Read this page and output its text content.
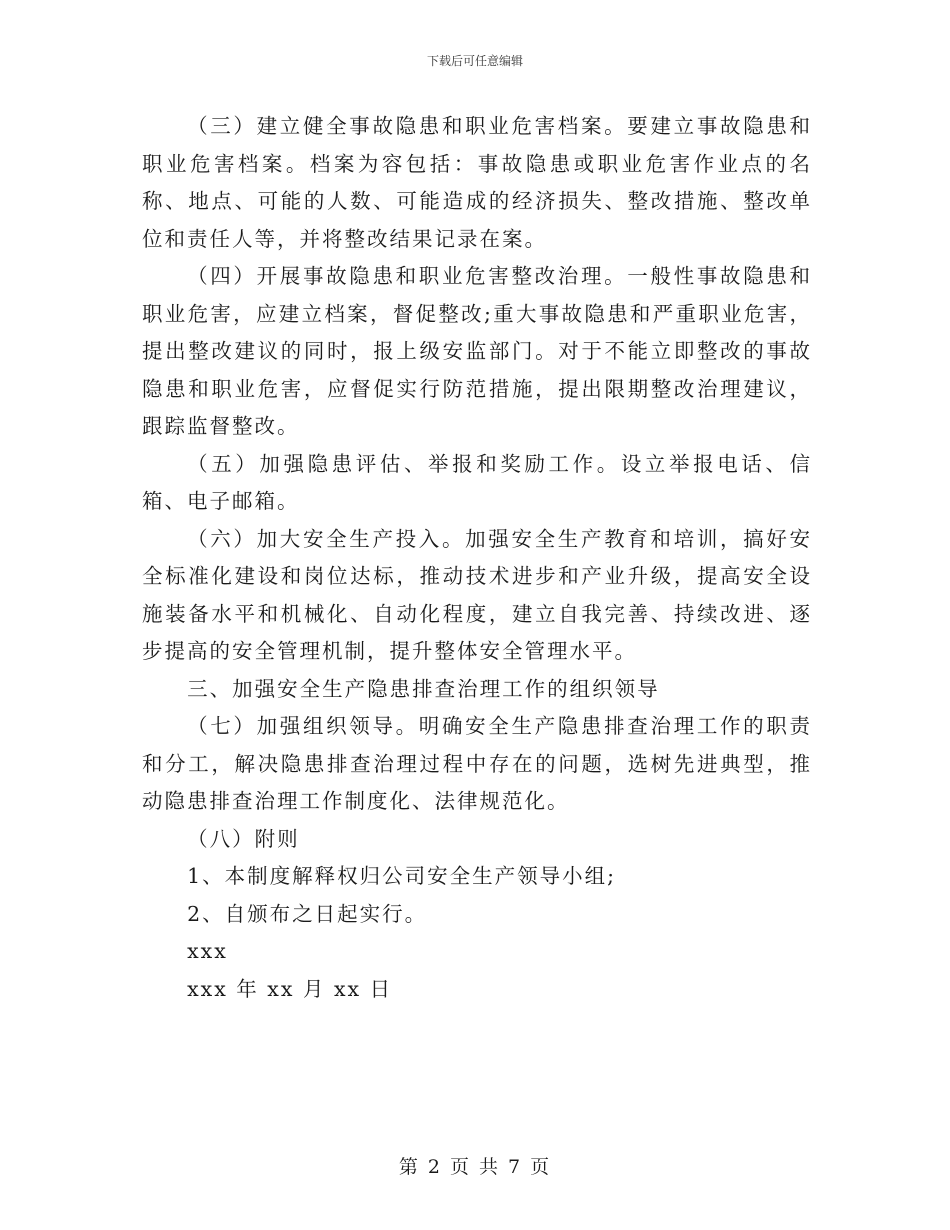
下载后可任意编辑

（三）建立健全事故隐患和职业危害档案。要建立事故隐患和职业危害档案。档案为容包括：事故隐患或职业危害作业点的名称、地点、可能的人数、可能造成的经济损失、整改措施、整改单位和责任人等，并将整改结果记录在案。

（四）开展事故隐患和职业危害整改治理。一般性事故隐患和职业危害，应建立档案，督促整改;重大事故隐患和严重职业危害，提出整改建议的同时，报上级安监部门。对于不能立即整改的事故隐患和职业危害，应督促实行防范措施，提出限期整改治理建议，跟踪监督整改。

（五）加强隐患评估、举报和奖励工作。设立举报电话、信箱、电子邮箱。

（六）加大安全生产投入。加强安全生产教育和培训，搞好安全标准化建设和岗位达标，推动技术进步和产业升级，提高安全设施装备水平和机械化、自动化程度，建立自我完善、持续改进、逐步提高的安全管理机制，提升整体安全管理水平。

三、加强安全生产隐患排查治理工作的组织领导

（七）加强组织领导。明确安全生产隐患排查治理工作的职责和分工，解决隐患排查治理过程中存在的问题，选树先进典型，推动隐患排查治理工作制度化、法律规范化。

（八）附则

1、本制度解释权归公司安全生产领导小组;

2、自颁布之日起实行。

xxx

xxx 年 xx 月 xx 日

第 2 页 共 7 页
